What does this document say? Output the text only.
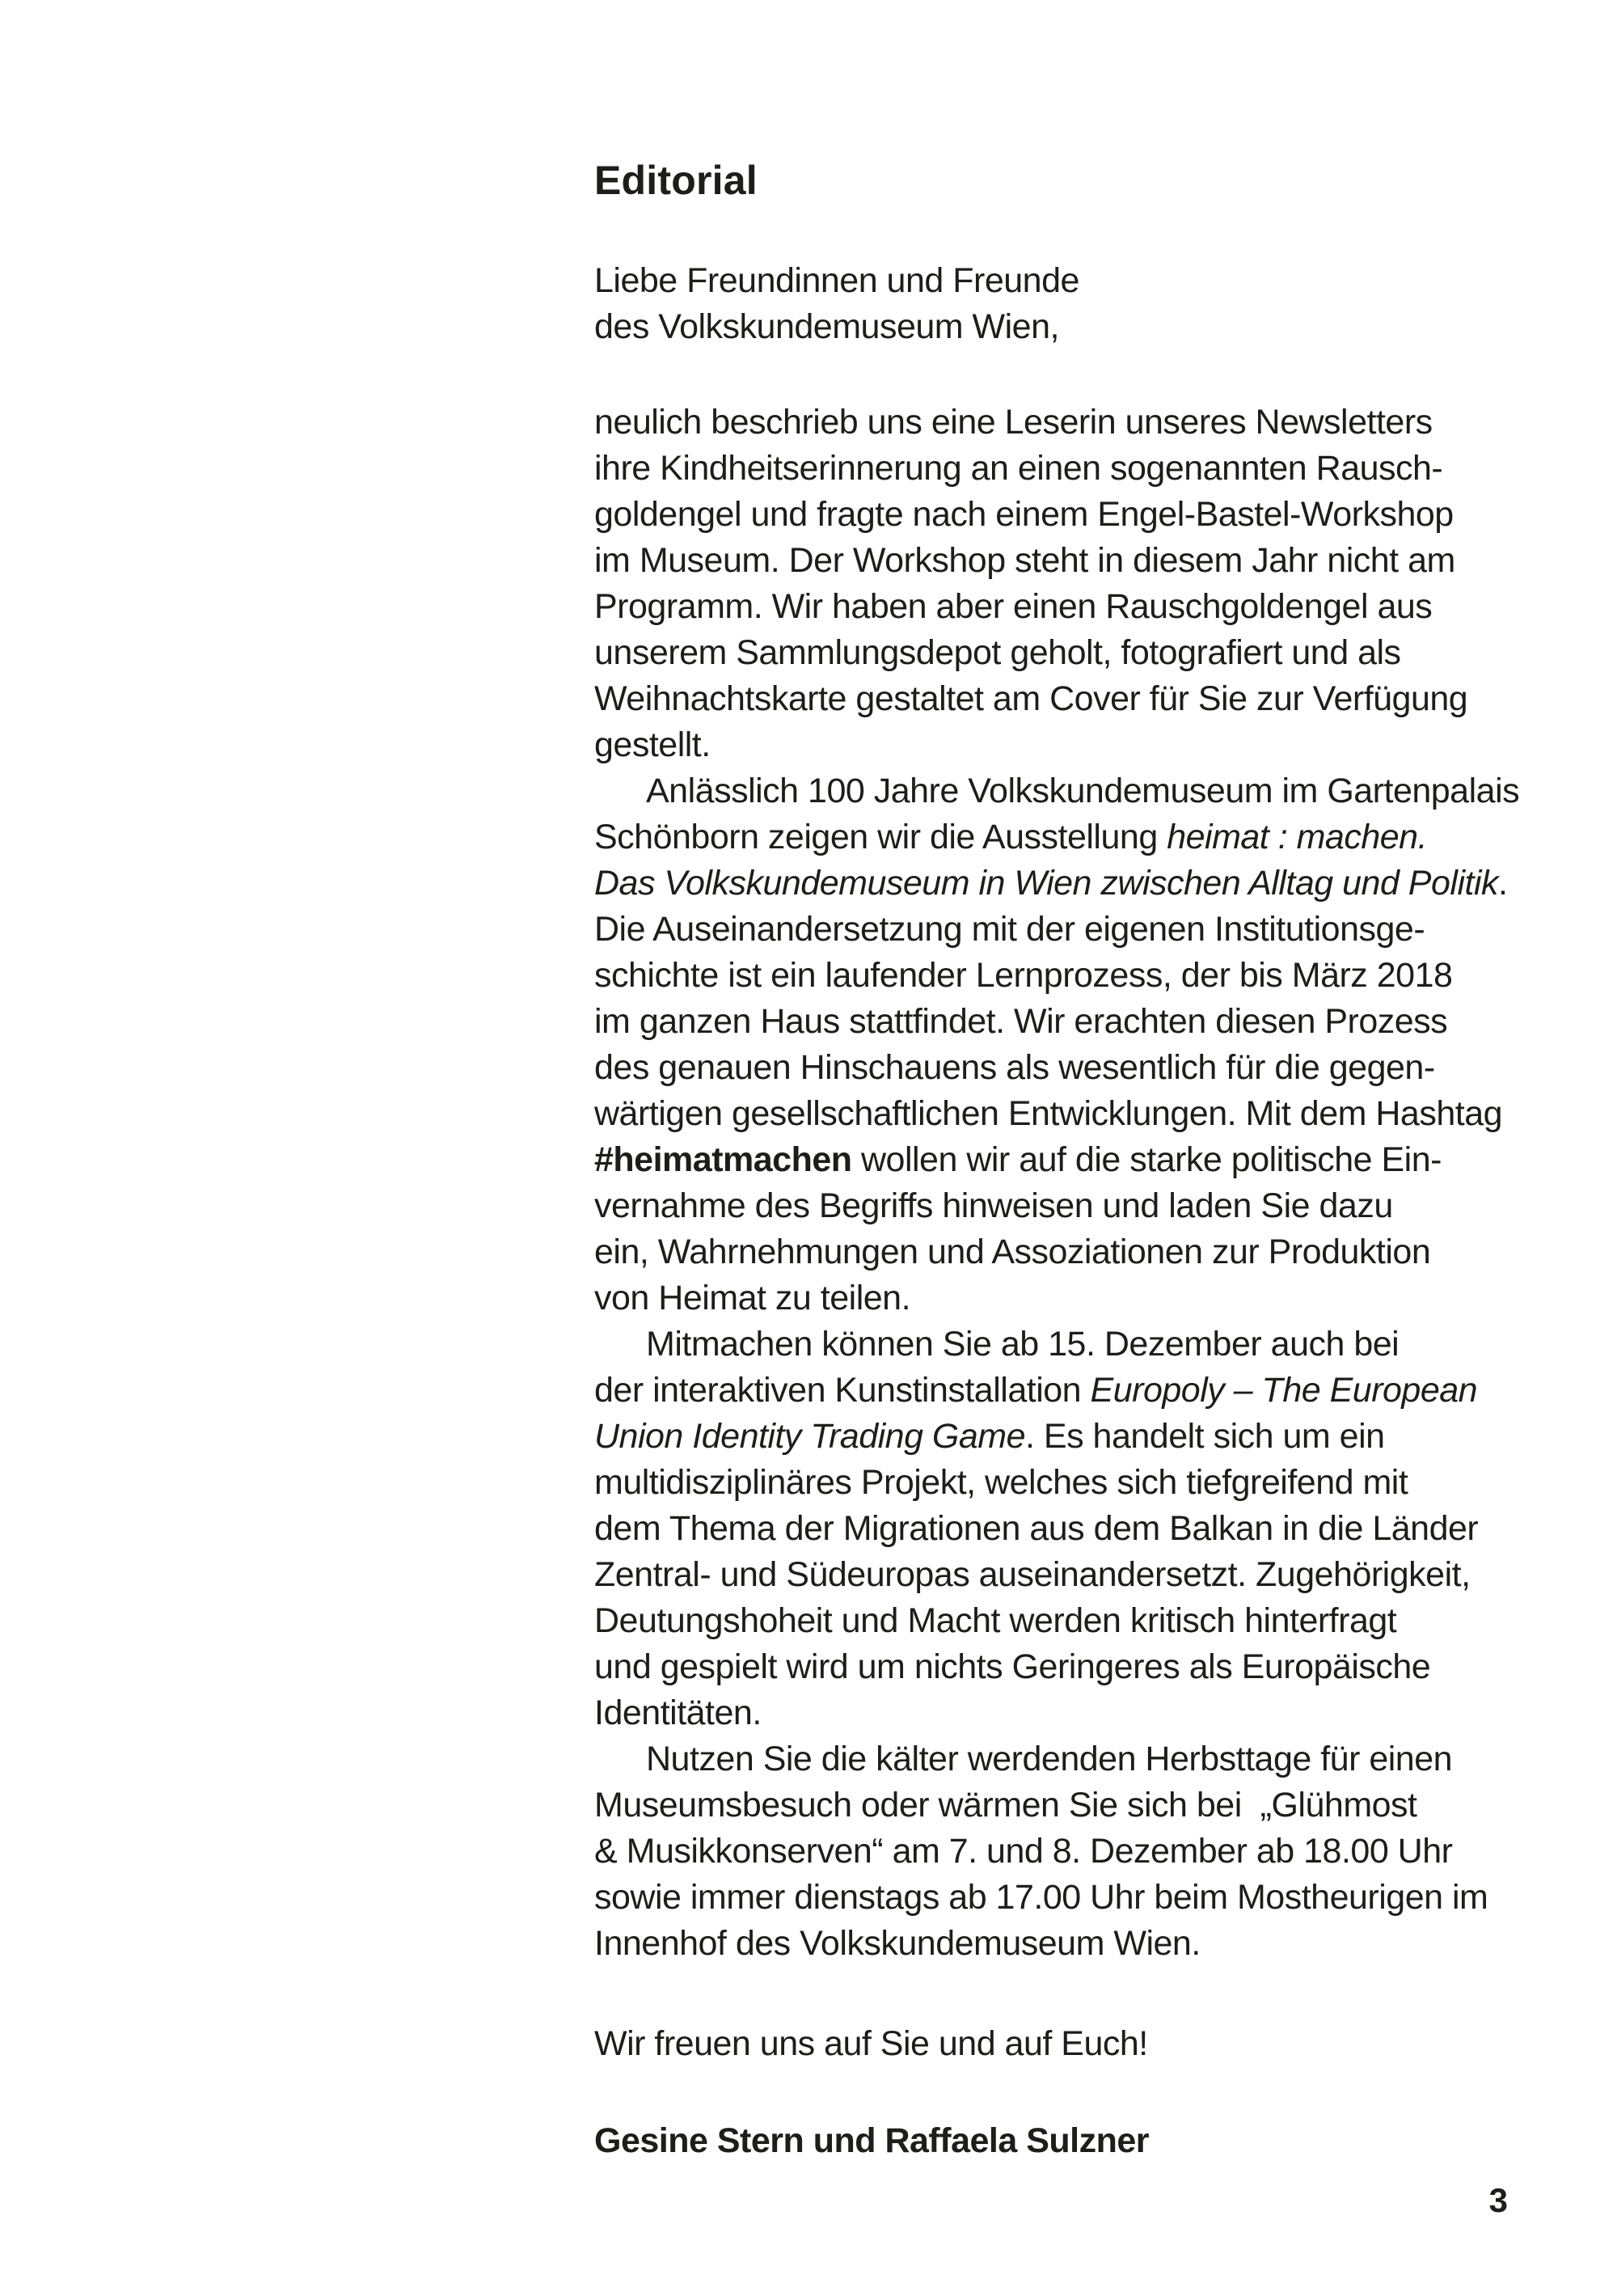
Editorial
Liebe Freundinnen und Freunde
des Volkskundemuseum Wien,
neulich beschrieb uns eine Leserin unseres Newsletters
ihre Kindheitserinnerung an einen sogenannten Rausch-
goldengel und fragte nach einem Engel-Bastel-Workshop
im Museum. Der Workshop steht in diesem Jahr nicht am
Programm. Wir haben aber einen Rauschgoldengel aus
unserem Sammlungsdepot geholt, fotografiert und als
Weihnachtskarte gestaltet am Cover für Sie zur Verfügung
gestellt.
Anlässlich 100 Jahre Volkskundemuseum im Gartenpalais
Schönborn zeigen wir die Ausstellung heimat : machen.
Das Volkskundemuseum in Wien zwischen Alltag und Politik.
Die Auseinandersetzung mit der eigenen Institutionsge-
schichte ist ein laufender Lernprozess, der bis März 2018
im ganzen Haus stattfindet. Wir erachten diesen Prozess
des genauen Hinschauens als wesentlich für die gegen-
wärtigen gesellschaftlichen Entwicklungen. Mit dem Hashtag
#heimatmachen wollen wir auf die starke politische Ein-
vernahme des Begriffs hinweisen und laden Sie dazu
ein, Wahrnehmungen und Assoziationen zur Produktion
von Heimat zu teilen.
Mitmachen können Sie ab 15. Dezember auch bei
der interaktiven Kunstinstallation Europoly – The European
Union Identity Trading Game. Es handelt sich um ein
multidisziplinäres Projekt, welches sich tiefgreifend mit
dem Thema der Migrationen aus dem Balkan in die Länder
Zentral- und Südeuropas auseinandersetzt. Zugehörigkeit,
Deutungshoheit und Macht werden kritisch hinterfragt
und gespielt wird um nichts Geringeres als Europäische
Identitäten.
Nutzen Sie die kälter werdenden Herbsttage für einen
Museumsbesuch oder wärmen Sie sich bei  „Glühmost
& Musikkonserven“ am 7. und 8. Dezember ab 18.00 Uhr
sowie immer dienstags ab 17.00 Uhr beim Mostheurigen im
Innenhof des Volkskundemuseum Wien.
Wir freuen uns auf Sie und auf Euch!
Gesine Stern und Raffaela Sulzner
3
